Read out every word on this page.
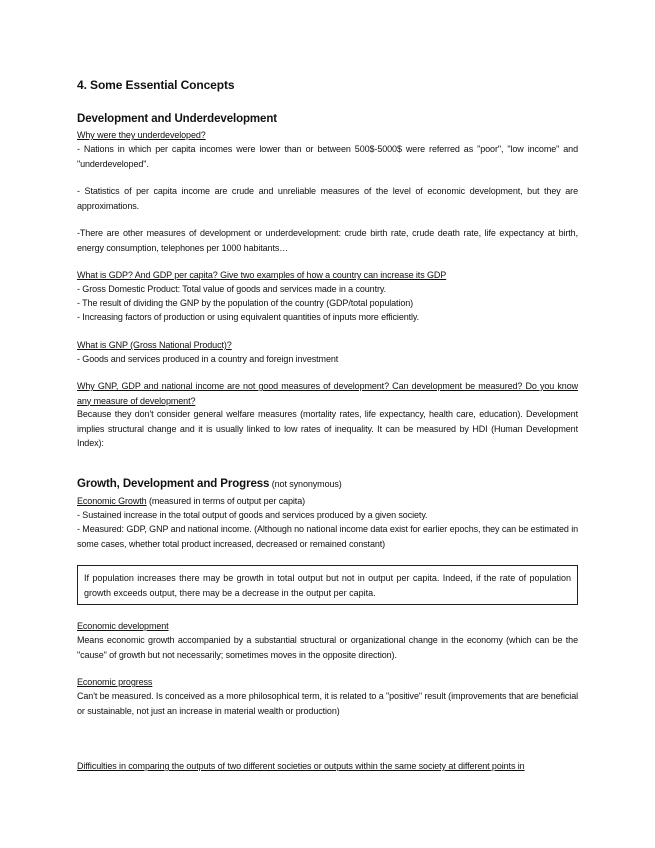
4. Some Essential Concepts
Development and Underdevelopment
Why were they underdeveloped?
- Nations in which per capita incomes were lower than or between 500$-5000$ were referred as "poor", "low income" and "underdeveloped".
- Statistics of per capita income are crude and unreliable measures of the level of economic development, but they are approximations.
-There are other measures of development or underdevelopment: crude birth rate, crude death rate, life expectancy at birth, energy consumption, telephones per 1000 habitants…
What is GDP? And GDP per capita? Give two examples of how a country can increase its GDP
- Gross Domestic Product: Total value of goods and services made in a country.
- The result of dividing the GNP by the population of the country (GDP/total population)
- Increasing factors of production or using equivalent quantities of inputs more efficiently.
What is GNP (Gross National Product)?
- Goods and services produced in a country and foreign investment
Why GNP, GDP and national income are not good measures of development? Can development be measured? Do you know any measure of development?
Because they don't consider general welfare measures (mortality rates, life expectancy, health care, education). Development implies structural change and it is usually linked to low rates of inequality. It can be measured by HDI (Human Development Index):
Growth, Development and Progress (not synonymous)
Economic Growth (measured in terms of output per capita)
- Sustained increase in the total output of goods and services produced by a given society.
- Measured: GDP, GNP and national income. (Although no national income data exist for earlier epochs, they can be estimated in some cases, whether total product increased, decreased or remained constant)
If population increases there may be growth in total output but not in output per capita. Indeed, if the rate of population growth exceeds output, there may be a decrease in the output per capita.
Economic development
Means economic growth accompanied by a substantial structural or organizational change in the economy (which can be the "cause" of growth but not necessarily; sometimes moves in the opposite direction).
Economic progress
Can't be measured. Is conceived as a more philosophical term, it is related to a "positive" result (improvements that are beneficial or sustainable, not just an increase in material wealth or production)
Difficulties in comparing the outputs of two different societies or outputs within the same society at different points in
